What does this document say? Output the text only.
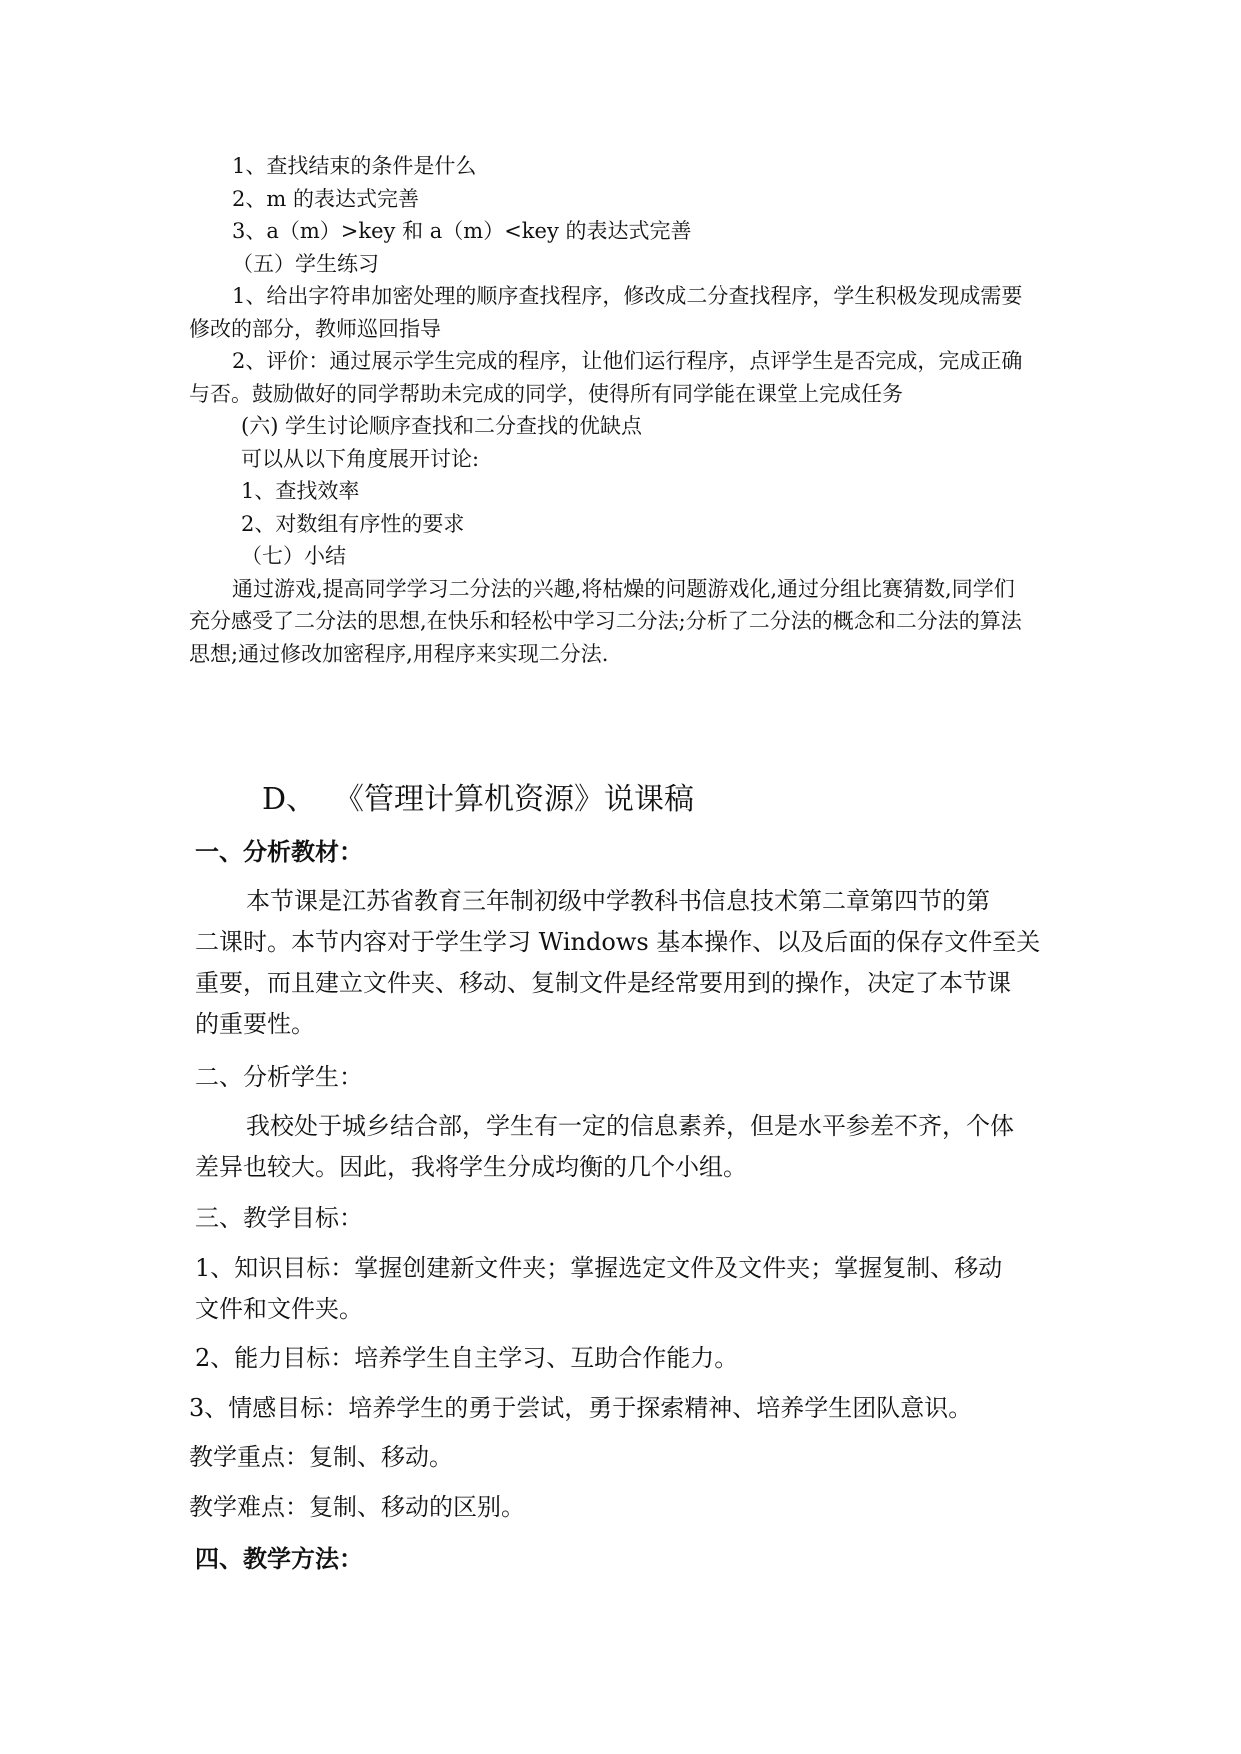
1、查找结束的条件是什么
2、m 的表达式完善
3、a（m）>key 和 a（m）<key 的表达式完善
（五）学生练习
1、给出字符串加密处理的顺序查找程序，修改成二分查找程序，学生积极发现成需要
修改的部分，教师巡回指导
2、评价：通过展示学生完成的程序，让他们运行程序，点评学生是否完成，完成正确
与否。鼓励做好的同学帮助未完成的同学，使得所有同学能在课堂上完成任务
(六) 学生讨论顺序查找和二分查找的优缺点
可以从以下角度展开讨论:
1、查找效率
2、对数组有序性的要求
（七）小结
通过游戏,提高同学学习二分法的兴趣,将枯燥的问题游戏化,通过分组比赛猜数,同学们
充分感受了二分法的思想,在快乐和轻松中学习二分法;分析了二分法的概念和二分法的算法
思想;通过修改加密程序,用程序来实现二分法.
D、 《管理计算机资源》说课稿
一、分析教材：
本节课是江苏省教育三年制初级中学教科书信息技术第二章第四节的第
二课时。本节内容对于学生学习 Windows 基本操作、以及后面的保存文件至关
重要，而且建立文件夹、移动、复制文件是经常要用到的操作，决定了本节课
的重要性。
二、分析学生：
我校处于城乡结合部，学生有一定的信息素养，但是水平参差不齐，个体
差异也较大。因此，我将学生分成均衡的几个小组。
三、教学目标：
1、知识目标：掌握创建新文件夹；掌握选定文件及文件夹；掌握复制、移动
文件和文件夹。
2、能力目标：培养学生自主学习、互助合作能力。
3、情感目标：培养学生的勇于尝试，勇于探索精神、培养学生团队意识。
教学重点：复制、移动。
教学难点：复制、移动的区别。
四、教学方法：
